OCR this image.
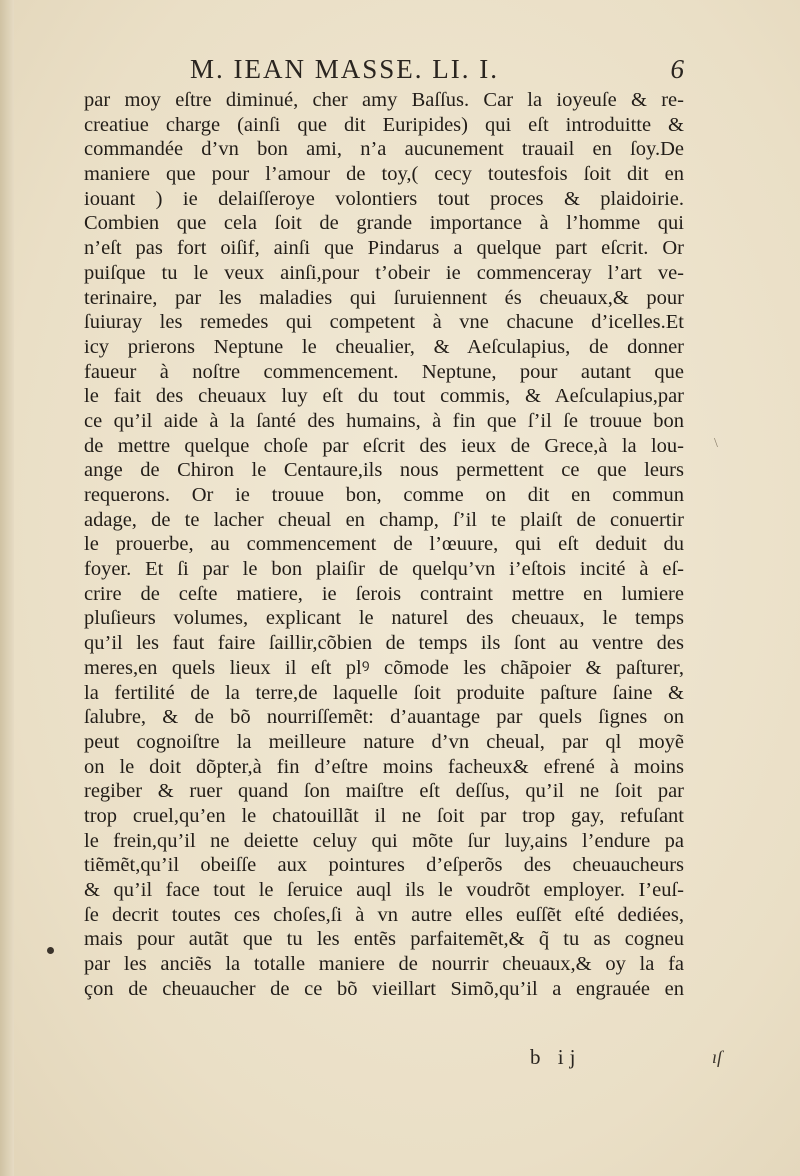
M. IEAN MASSE. LI. I.	6
par moy eſtre diminué, cher amy Baſſus. Car la ioyeuſe & re-
creatiue charge (ainſi que dit Euripides) qui eſt introduitte &
commandée d’vn bon ami, n’a aucunement trauail en ſoy.De
maniere que pour l’amour de toy,( cecy toutesfois ſoit dit en
iouant ) ie delaiſſeroye volontiers tout proces & plaidoirie.
Combien que cela ſoit de grande importance à l’homme qui
n’eſt pas fort oiſif, ainſi que Pindarus a quelque part eſcrit. Or
puiſque tu le veux ainſi,pour t’obeir ie commenceray l’art ve-
terinaire, par les maladies qui ſuruiennent és cheuaux,& pour
ſuiuray les remedes qui competent à vne chacune d’icelles.Et
icy prierons Neptune le cheualier, & Aeſculapius, de donner
faueur à noſtre commencement. Neptune, pour autant que
le fait des cheuaux luy eſt du tout commis, & Aeſculapius,par
ce qu’il aide à la ſanté des humains, à fin que ſ’il ſe trouue bon
de mettre quelque choſe par eſcrit des ieux de Grece,à la lou-
ange de Chiron le Centaure,ils nous permettent ce que leurs
requerons. Or ie trouue bon, comme on dit en commun
adage, de te lacher cheual en champ, ſ’il te plaiſt de conuertir
le prouerbe, au commencement de l’œuure, qui eſt deduit du
foyer. Et ſi par le bon plaiſir de quelqu’vn i’eſtois incité à eſ-
crire de ceſte matiere, ie ſerois contraint mettre en lumiere
pluſieurs volumes, explicant le naturel des cheuaux, le temps
qu’il les faut faire ſaillir,cõbien de temps ils ſont au ventre des
meres,en quels lieux il eſt plꝰ cõmode les chãpoier & paſturer,
la fertilité de la terre,de laquelle ſoit produite paſture ſaine &
ſalubre, & de bõ nourriſſemẽt: d’auantage par quels ſignes on
peut cognoiſtre la meilleure nature d’vn cheual, par ql moyẽ
on le doit dõpter,à fin d’eſtre moins facheux& efrené à moins
regiber & ruer quand ſon maiſtre eſt deſſus, qu’il ne ſoit par
trop cruel,qu’en le chatouillãt il ne ſoit par trop gay, refuſant
le frein,qu’il ne deiette celuy qui mõte ſur luy,ains l’endure pa
tiẽmẽt,qu’il obeiſſe aux pointures d’eſperõs des cheuaucheurs
& qu’il face tout le ſeruice auql ils le voudrõt employer. I’euſ-
ſe decrit toutes ces choſes,ſi à vn autre elles euſſẽt eſté dediées,
mais pour autãt que tu les entẽs parfaitemẽt,& q̃ tu as cogneu
par les anciẽs la totalle maniere de nourrir cheuaux,& oy la fa
çon de cheuaucher de ce bõ vieillart Simõ,qu’il a engrauée en
\
b ij	ıſ
